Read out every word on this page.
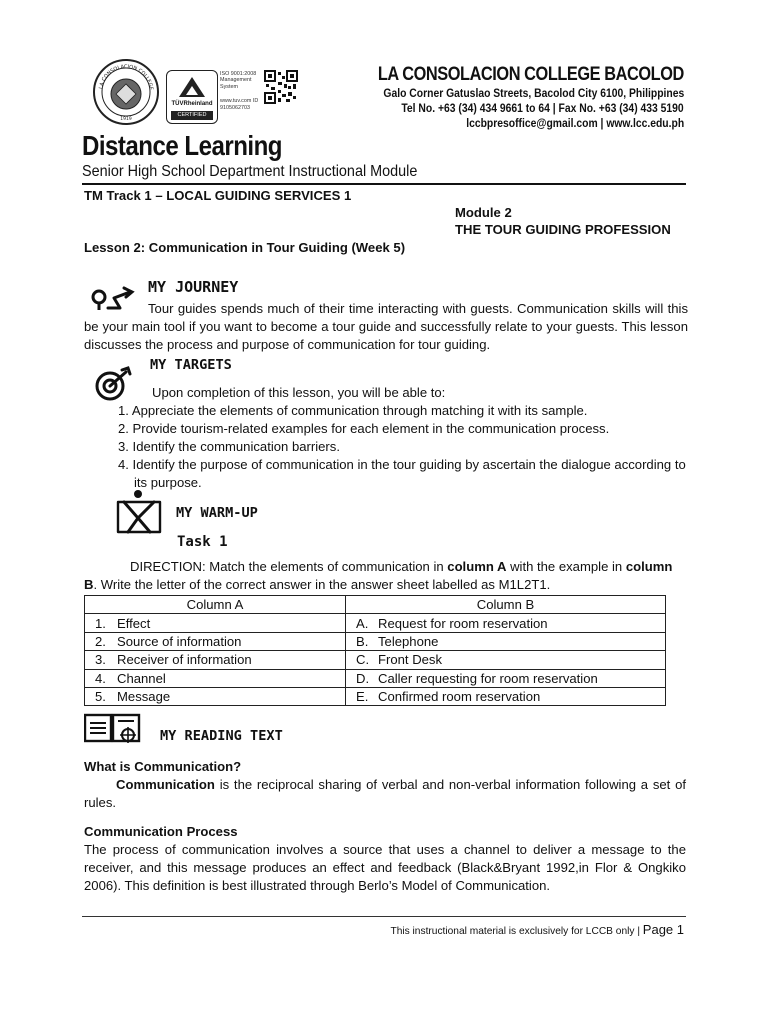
LA CONSOLACION COLLEGE
1919
TÜVRheinland
CERTIFIED
ISO 9001:2008 Management System
www.tuv.com ID 9105062703
LA CONSOLACION COLLEGE BACOLOD
Galo Corner Gatuslao Streets, Bacolod City 6100, Philippines
Tel No. +63 (34) 434 9661 to 64 | Fax No. +63 (34) 433 5190
lccbpresoffice@gmail.com | www.lcc.edu.ph
Distance Learning
Senior High School Department Instructional Module
TM Track 1 – LOCAL GUIDING SERVICES 1
Module 2
THE TOUR GUIDING PROFESSION
Lesson 2: Communication in Tour Guiding (Week 5)
MY JOURNEY
Tour guides spends much of their time interacting with guests. Communication skills will this be your main tool if you want to become a tour guide and successfully relate to your guests. This lesson discusses the process and purpose of communication for tour guiding.
MY TARGETS
Upon completion of this lesson, you will be able to:
1. Appreciate the elements of communication through matching it with its sample.
2. Provide tourism-related examples for each element in the communication process.
3. Identify the communication barriers.
4. Identify the purpose of communication in the tour guiding by ascertain the dialogue according to its purpose.
MY WARM-UP
Task 1
DIRECTION: Match the elements of communication in column A with the example in column B. Write the letter of the correct answer in the answer sheet labelled as M1L2T1.
Column A	Column B
1. Effect	A. Request for room reservation
2. Source of information	B. Telephone
3. Receiver of information	C. Front Desk
4. Channel	D. Caller requesting for room reservation
5. Message	E. Confirmed room reservation
MY READING TEXT
What is Communication?
Communication is the reciprocal sharing of verbal and non-verbal information following a set of rules.
Communication Process
The process of communication involves a source that uses a channel to deliver a message to the receiver, and this message produces an effect and feedback (Black&Bryant 1992,in Flor & Ongkiko 2006). This definition is best illustrated through Berlo’s Model of Communication.
This instructional material is exclusively for LCCB only | Page 1
